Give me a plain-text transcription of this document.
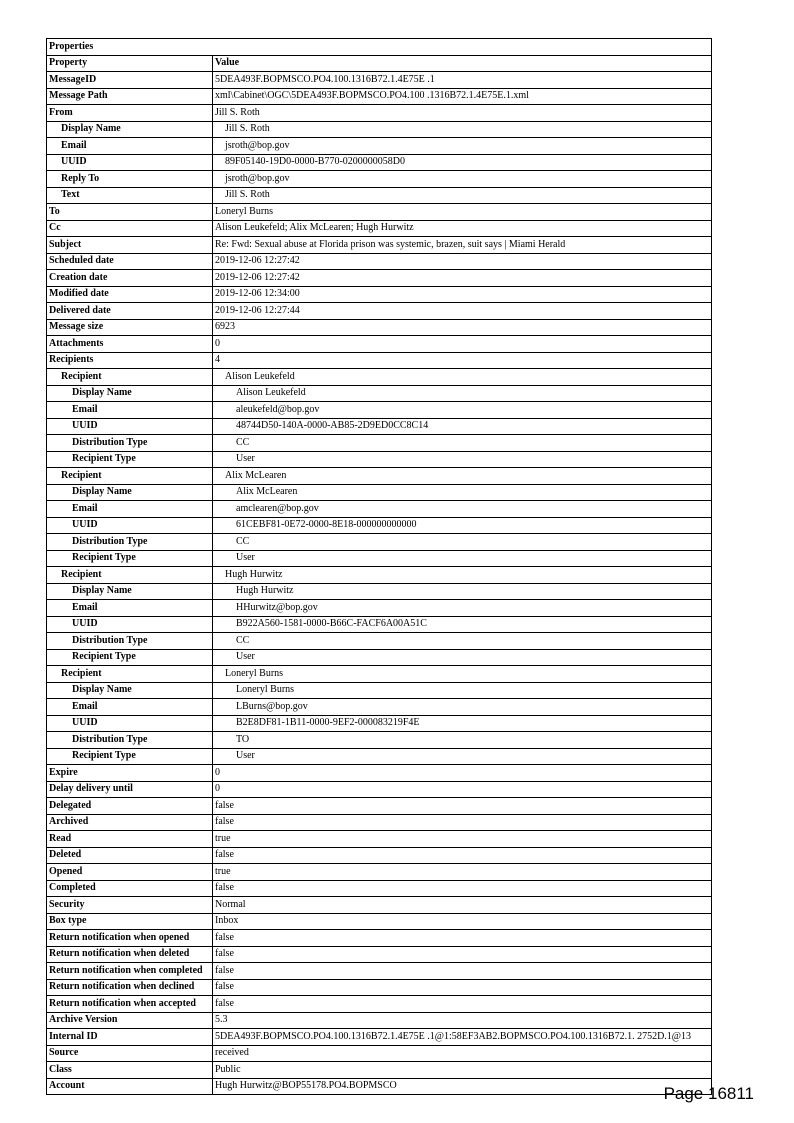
Properties	
Property	Value
MessageID	5DEA493F.BOPMSCO.PO4.100.1316B72.1.4E75E .1
Message Path	xml\Cabinet\OGC\5DEA493F.BOPMSCO.PO4.100 .1316B72.1.4E75E.1.xml
From	Jill S. Roth
Display Name	Jill S. Roth
Email	jsroth@bop.gov
UUID	89F05140-19D0-0000-B770-0200000058D0
Reply To	jsroth@bop.gov
Text	Jill S. Roth
To	Loneryl Burns
Cc	Alison Leukefeld; Alix McLearen; Hugh Hurwitz
Subject	Re: Fwd: Sexual abuse at Florida prison was systemic, brazen, suit says | Miami Herald
Scheduled date	2019-12-06 12:27:42
Creation date	2019-12-06 12:27:42
Modified date	2019-12-06 12:34:00
Delivered date	2019-12-06 12:27:44
Message size	6923
Attachments	0
Recipients	4
Recipient	Alison Leukefeld
Display Name	Alison Leukefeld
Email	aleukefeld@bop.gov
UUID	48744D50-140A-0000-AB85-2D9ED0CC8C14
Distribution Type	CC
Recipient Type	User
Recipient	Alix McLearen
Display Name	Alix McLearen
Email	amclearen@bop.gov
UUID	61CEBF81-0E72-0000-8E18-000000000000
Distribution Type	CC
Recipient Type	User
Recipient	Hugh Hurwitz
Display Name	Hugh Hurwitz
Email	HHurwitz@bop.gov
UUID	B922A560-1581-0000-B66C-FACF6A00A51C
Distribution Type	CC
Recipient Type	User
Recipient	Loneryl Burns
Display Name	Loneryl Burns
Email	LBurns@bop.gov
UUID	B2E8DF81-1B11-0000-9EF2-000083219F4E
Distribution Type	TO
Recipient Type	User
Expire	0
Delay delivery until	0
Delegated	false
Archived	false
Read	true
Deleted	false
Opened	true
Completed	false
Security	Normal
Box type	Inbox
Return notification when opened	false
Return notification when deleted	false
Return notification when completed	false
Return notification when declined	false
Return notification when accepted	false
Archive Version	5.3
Internal ID	5DEA493F.BOPMSCO.PO4.100.1316B72.1.4E75E .1@1:58EF3AB2.BOPMSCO.PO4.100.1316B72.1. 2752D.1@13
Source	received
Class	Public
Account	Hugh Hurwitz@BOP55178.PO4.BOPMSCO	Page 16811
